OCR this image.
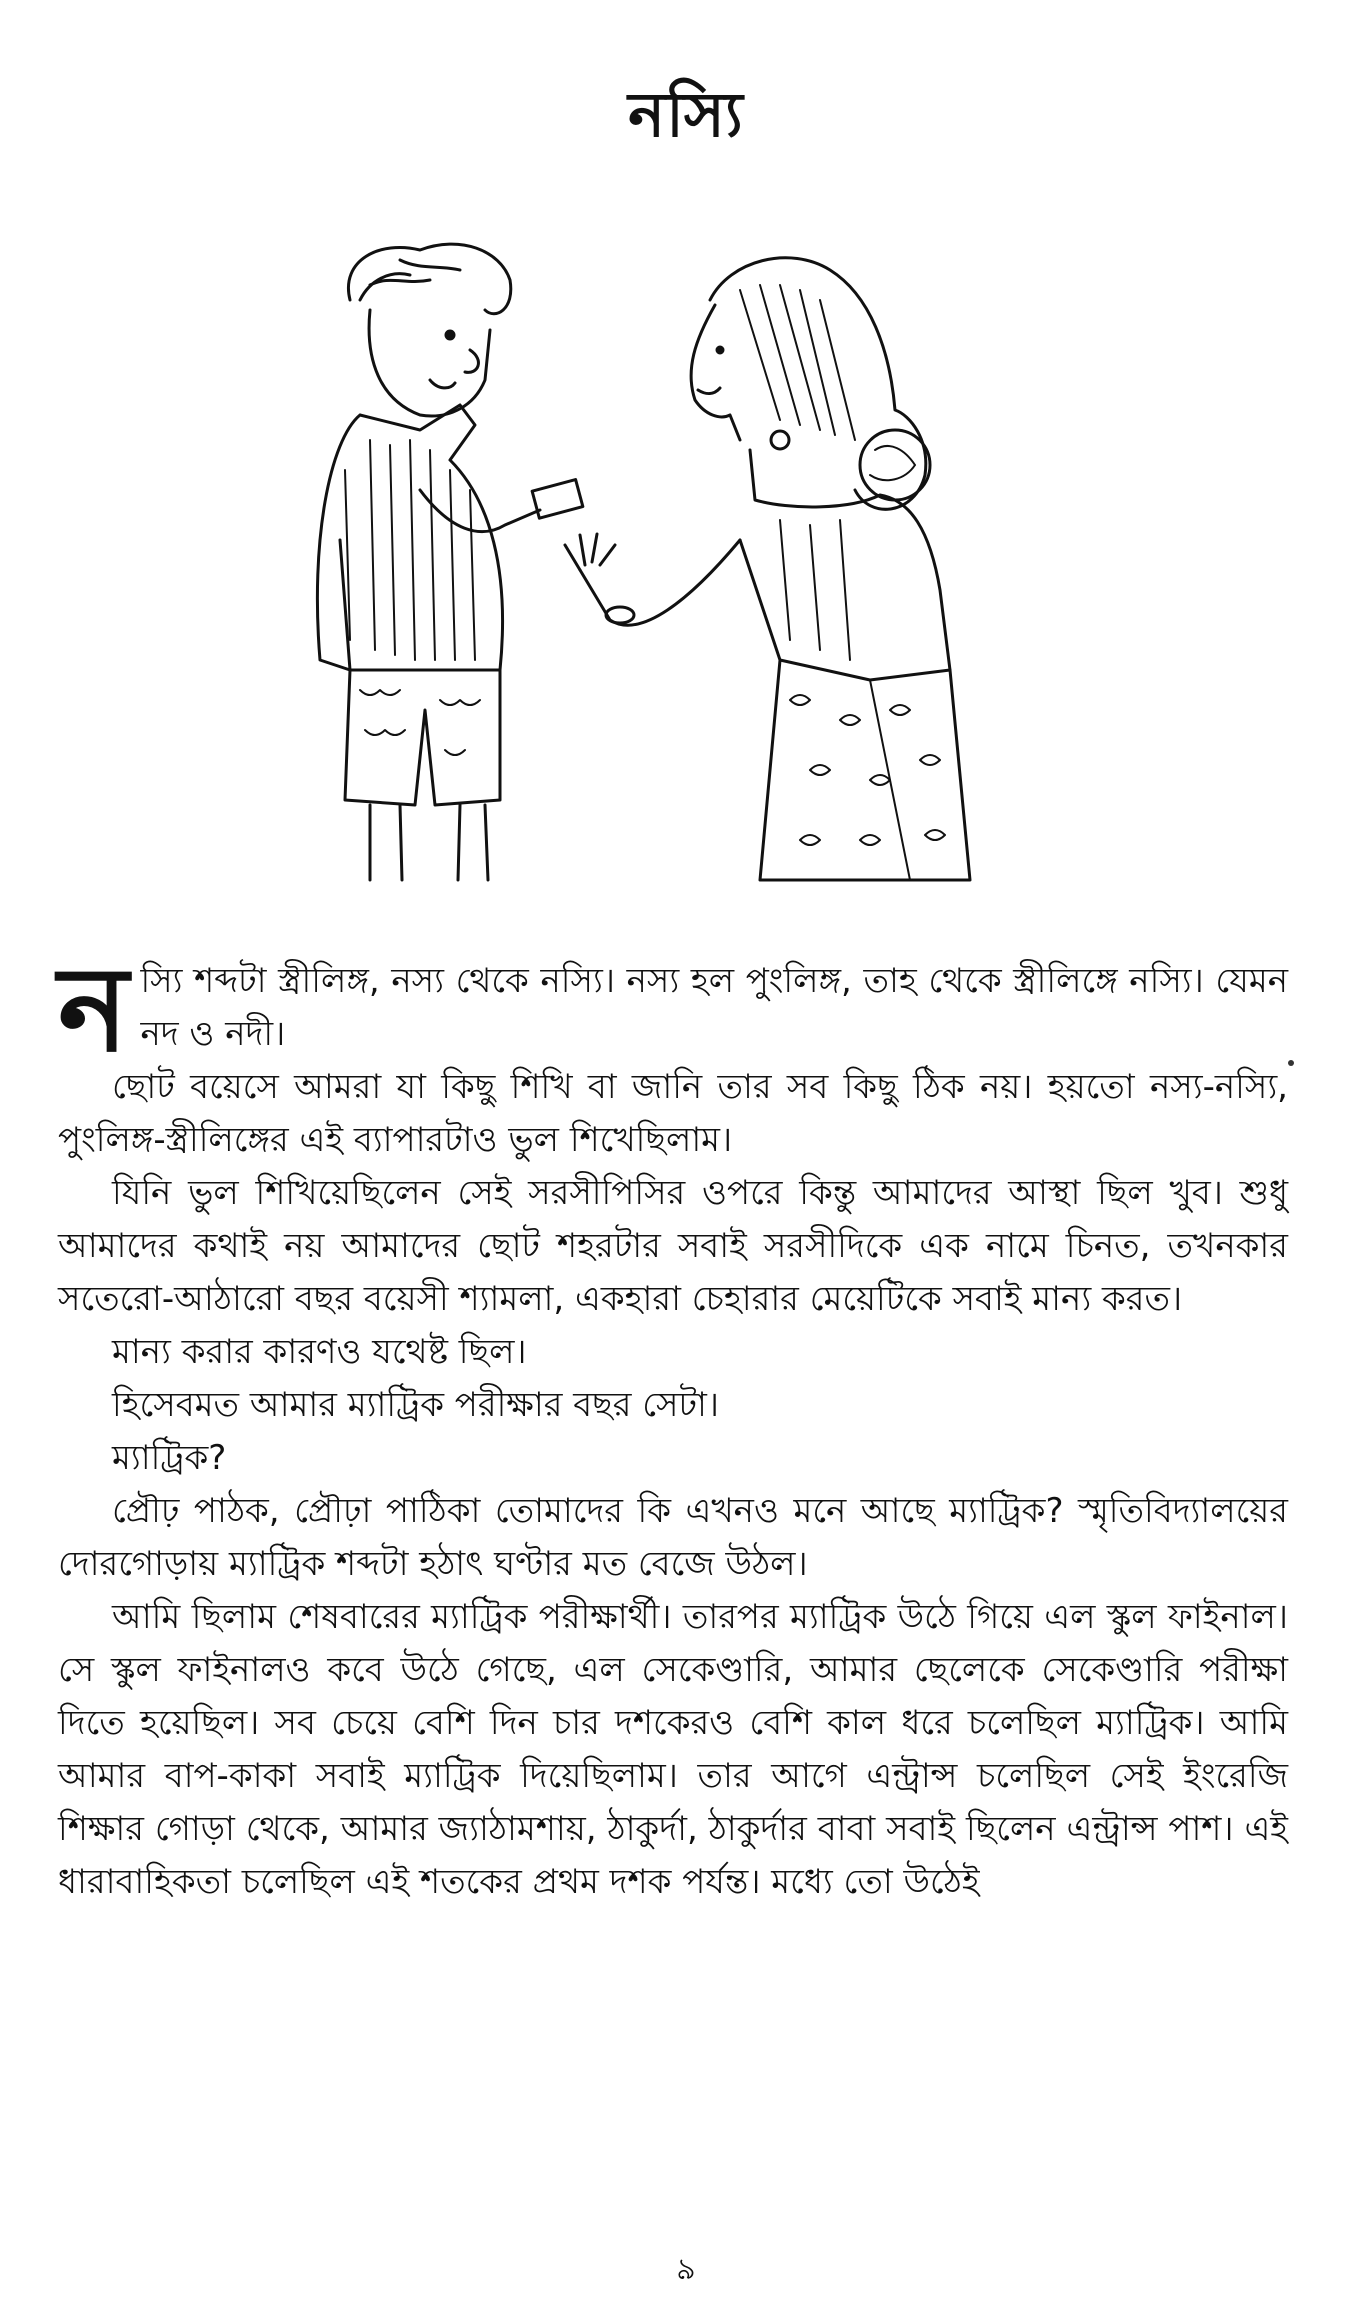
নস্যি

নস্যি শব্দটা স্ত্রীলিঙ্গ, নস্য থেকে নস্যি। নস্য হল পুংলিঙ্গ, তাহ থেকে স্ত্রীলিঙ্গে নস্যি। যেমন নদ ও নদী।

ছোট বয়েসে আমরা যা কিছু শিখি বা জানি তার সব কিছু ঠিক নয়। হয়তো নস্য-নস্যি, পুংলিঙ্গ-স্ত্রীলিঙ্গের এই ব্যাপারটাও ভুল শিখেছিলাম।

যিনি ভুল শিখিয়েছিলেন সেই সরসীপিসির ওপরে কিন্তু আমাদের আস্থা ছিল খুব। শুধু আমাদের কথাই নয় আমাদের ছোট শহরটার সবাই সরসীদিকে এক নামে চিনত, তখনকার সতেরো-আঠারো বছর বয়েসী শ্যামলা, একহারা চেহারার মেয়েটিকে সবাই মান্য করত।

মান্য করার কারণও যথেষ্ট ছিল।

হিসেবমত আমার ম্যাট্রিক পরীক্ষার বছর সেটা।

ম্যাট্রিক?

প্রৌঢ় পাঠক, প্রৌঢ়া পাঠিকা তোমাদের কি এখনও মনে আছে ম্যাট্রিক? স্মৃতিবিদ্যালয়ের দোরগোড়ায় ম্যাট্রিক শব্দটা হঠাৎ ঘণ্টার মত বেজে উঠল।

আমি ছিলাম শেষবারের ম্যাট্রিক পরীক্ষার্থী। তারপর ম্যাট্রিক উঠে গিয়ে এল স্কুল ফাইনাল। সে স্কুল ফাইনালও কবে উঠে গেছে, এল সেকেণ্ডারি, আমার ছেলেকে সেকেণ্ডারি পরীক্ষা দিতে হয়েছিল। সব চেয়ে বেশি দিন চার দশকেরও বেশি কাল ধরে চলেছিল ম্যাট্রিক। আমি আমার বাপ-কাকা সবাই ম্যাট্রিক দিয়েছিলাম। তার আগে এন্ট্রান্স চলেছিল সেই ইংরেজি শিক্ষার গোড়া থেকে, আমার জ্যাঠামশায়, ঠাকুর্দা, ঠাকুর্দার বাবা সবাই ছিলেন এন্ট্রান্স পাশ। এই ধারাবাহিকতা চলেছিল এই শতকের প্রথম দশক পর্যন্ত। মধ্যে তো উঠেই

৯
